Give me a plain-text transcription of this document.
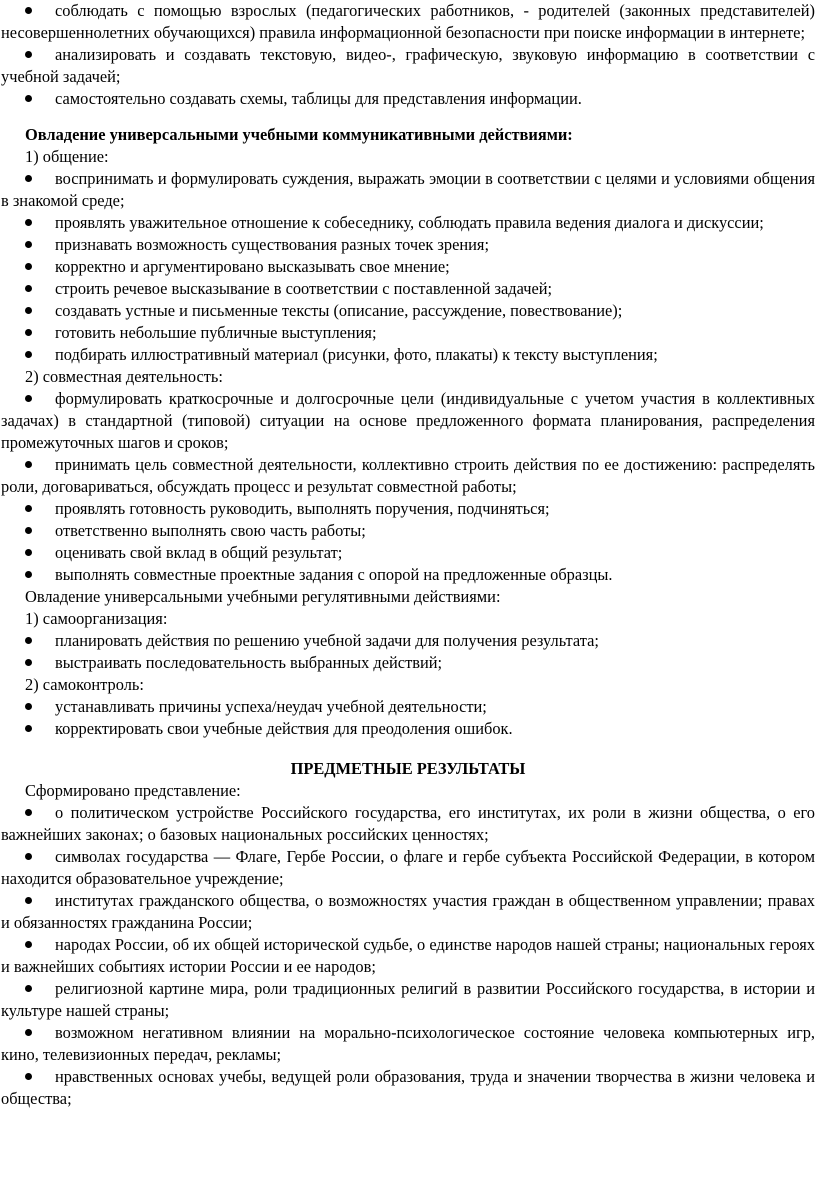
соблюдать с помощью взрослых (педагогических работников, - родителей (законных представителей) несовершеннолетних обучающихся) правила информационной безопасности при поиске информации в интернете;

анализировать и создавать текстовую, видео-, графическую, звуковую информацию в соответствии с учебной задачей;

самостоятельно создавать схемы, таблицы для представления информации.

Овладение универсальными учебными коммуникативными действиями:

1) общение:

воспринимать и формулировать суждения, выражать эмоции в соответствии с целями и условиями общения в знакомой среде;

проявлять уважительное отношение к собеседнику, соблюдать правила ведения диалога и дискуссии;

признавать возможность существования разных точек зрения;

корректно и аргументировано высказывать свое мнение;

строить речевое высказывание в соответствии с поставленной задачей;

создавать устные и письменные тексты (описание, рассуждение, повествование);

готовить небольшие публичные выступления;

подбирать иллюстративный материал (рисунки, фото, плакаты) к тексту выступления;

2) совместная деятельность:

формулировать краткосрочные и долгосрочные цели (индивидуальные с учетом участия в коллективных задачах) в стандартной (типовой) ситуации на основе предложенного формата планирования, распределения промежуточных шагов и сроков;

принимать цель совместной деятельности, коллективно строить действия по ее достижению: распределять роли, договариваться, обсуждать процесс и результат совместной работы;

проявлять готовность руководить, выполнять поручения, подчиняться;

ответственно выполнять свою часть работы;

оценивать свой вклад в общий результат;

выполнять совместные проектные задания с опорой на предложенные образцы.

Овладение универсальными учебными регулятивными действиями:

1) самоорганизация:

планировать действия по решению учебной задачи для получения результата;

выстраивать последовательность выбранных действий;

2) самоконтроль:

устанавливать причины успеха/неудач учебной деятельности;

корректировать свои учебные действия для преодоления ошибок.

ПРЕДМЕТНЫЕ РЕЗУЛЬТАТЫ

Сформировано представление:

о политическом устройстве Российского государства, его институтах, их роли в жизни общества, о его важнейших законах; о базовых национальных российских ценностях;

символах государства — Флаге, Гербе России, о флаге и гербе субъекта Российской Федерации, в котором находится образовательное учреждение;

институтах гражданского общества, о возможностях участия граждан в общественном управлении; правах и обязанностях гражданина России;

народах России, об их общей исторической судьбе, о единстве народов нашей страны; национальных героях и важнейших событиях истории России и ее народов;

религиозной картине мира, роли традиционных религий в развитии Российского государства, в истории и культуре нашей страны;

возможном негативном влиянии на морально-психологическое состояние человека компьютерных игр, кино, телевизионных передач, рекламы;

нравственных основах учебы, ведущей роли образования, труда и значении творчества в жизни человека и общества;
